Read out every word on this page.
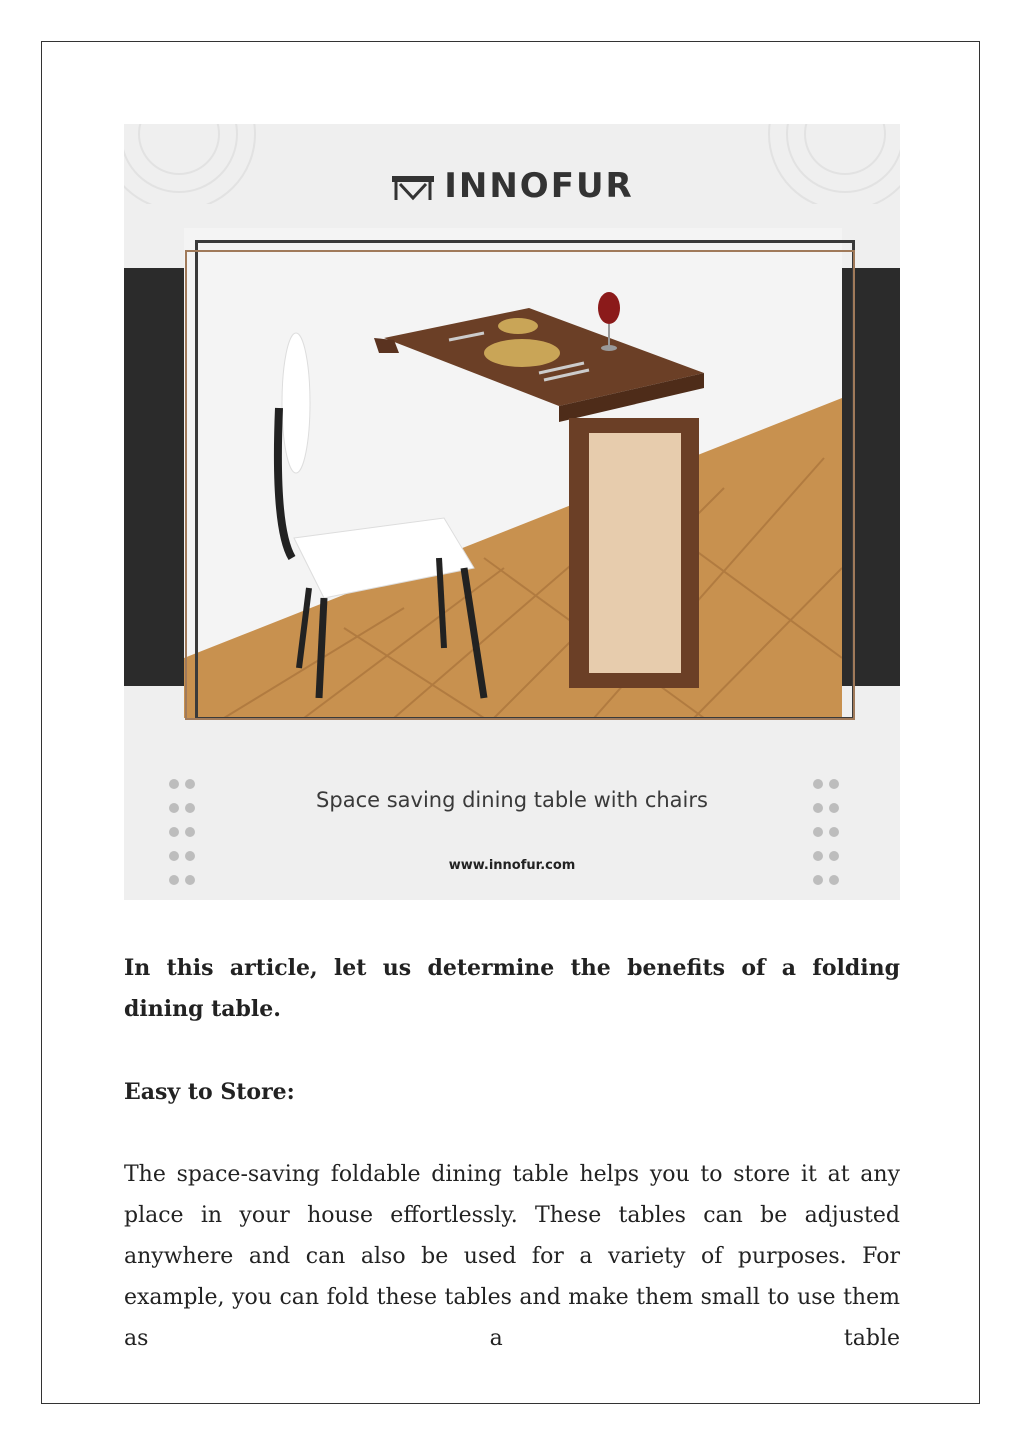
INNOFUR
Space saving dining table with chairs
www.innofur.com
In this article, let us determine the benefits of a folding dining table.
Easy to Store:
The space-saving foldable dining table helps you to store it at any place in your house effortlessly. These tables can be adjusted anywhere and can also be used for a variety of purposes. For example, you can fold these tables and make them small to use them as a table
